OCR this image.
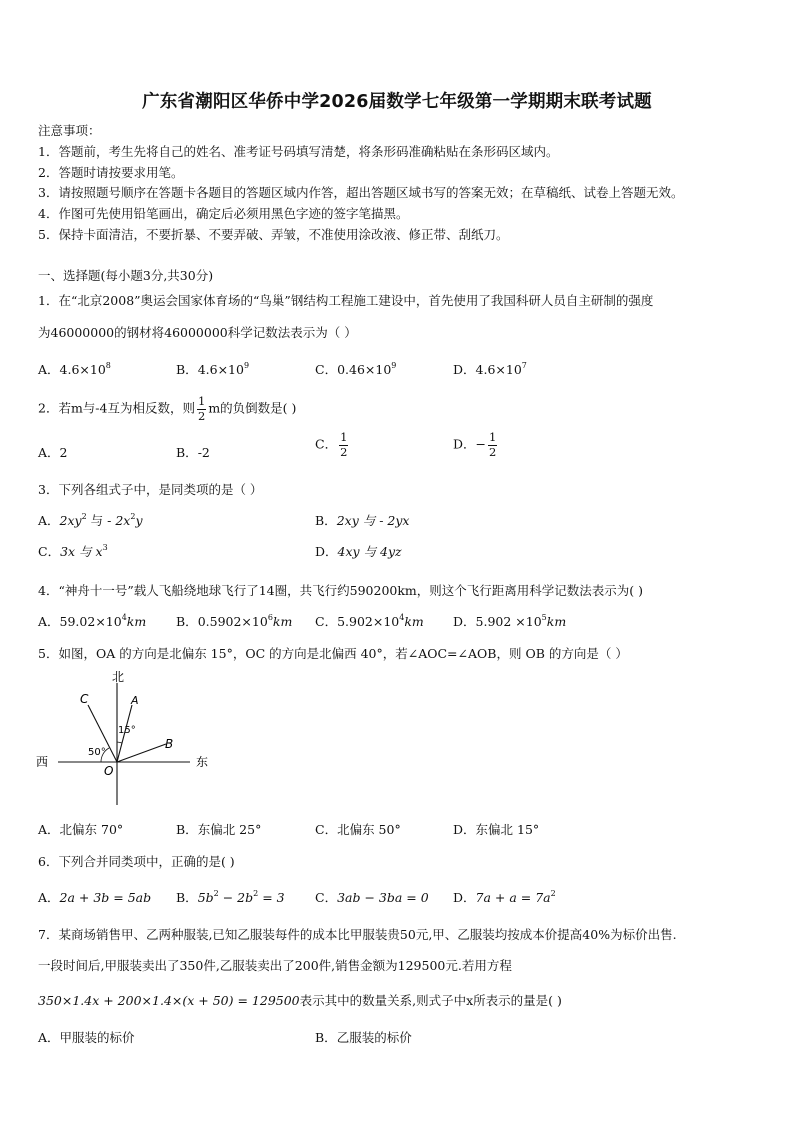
广东省潮阳区华侨中学2026届数学七年级第一学期期末联考试题
注意事项：
1．答题前，考生先将自己的姓名、准考证号码填写清楚，将条形码准确粘贴在条形码区域内。
2．答题时请按要求用笔。
3．请按照题号顺序在答题卡各题目的答题区域内作答，超出答题区域书写的答案无效；在草稿纸、试卷上答题无效。
4．作图可先使用铅笔画出，确定后必须用黑色字迹的签字笔描黑。
5．保持卡面清洁，不要折暴、不要弄破、弄皱，不准使用涂改液、修正带、刮纸刀。
一、选择题(每小题3分,共30分)
1．在“北京2008”奥运会国家体育场的“鸟巢”钢结构工程施工建设中，首先使用了我国科研人员自主研制的强度
为46000000的钢材将46000000科学记数法表示为（ ）
A．$4.6\times 10^8$	B．$4.6\times 10^9$	C．$0.46\times 10^9$	D．$4.6\times 10^7$
2．若m与-4互为相反数，则 $\frac{1}{2}$ m的负倒数是( )
A．2	B．-2
C． $\frac{1}{2}$	D．− $\frac{1}{2}$
3．下列各组式子中，是同类项的是（ ）
A．$2xy^2$ 与 - $2x^2y$	B．2xy 与 - 2yx
C．3x 与 $x^3$	D．4xy 与 4yz
4．“神舟十一号”载人飞船绕地球飞行了14圈，共飞行约590200km，则这个飞行距离用科学记数法表示为( )
A．$59.02\times 10^4km$ B．$0.5902\times 10^6km$ C．$5.902\times 10^4km$ D．$5.902 \times 10^5km$
5．如图，OA 的方向是北偏东 15°，OC 的方向是北偏西 40°，若∠AOC=∠AOB，则 OB 的方向是（ ）
北
西	东
C	A
B
O
15°
50°
A．北偏东 70°	B．东偏北 25°	C．北偏东 50°	D．东偏北 15°
6．下列合并同类项中，正确的是( )
A．2a + 3b = 5ab B．$5b^2 - 2b^2 = 3$ C．3ab − 3ba = 0 D．$7a + a = 7a^2$
7．某商场销售甲、乙两种服装,已知乙服装每件的成本比甲服装贵50元,甲、乙服装均按成本价提高40%为标价出售.
一段时间后,甲服装卖出了350件,乙服装卖出了200件,销售金额为129500元.若用方程
350×1.4x + 200×1.4×(x + 50) = 129500表示其中的数量关系,则式子中x所表示的量是( )
A．甲服装的标价	B．乙服装的标价
